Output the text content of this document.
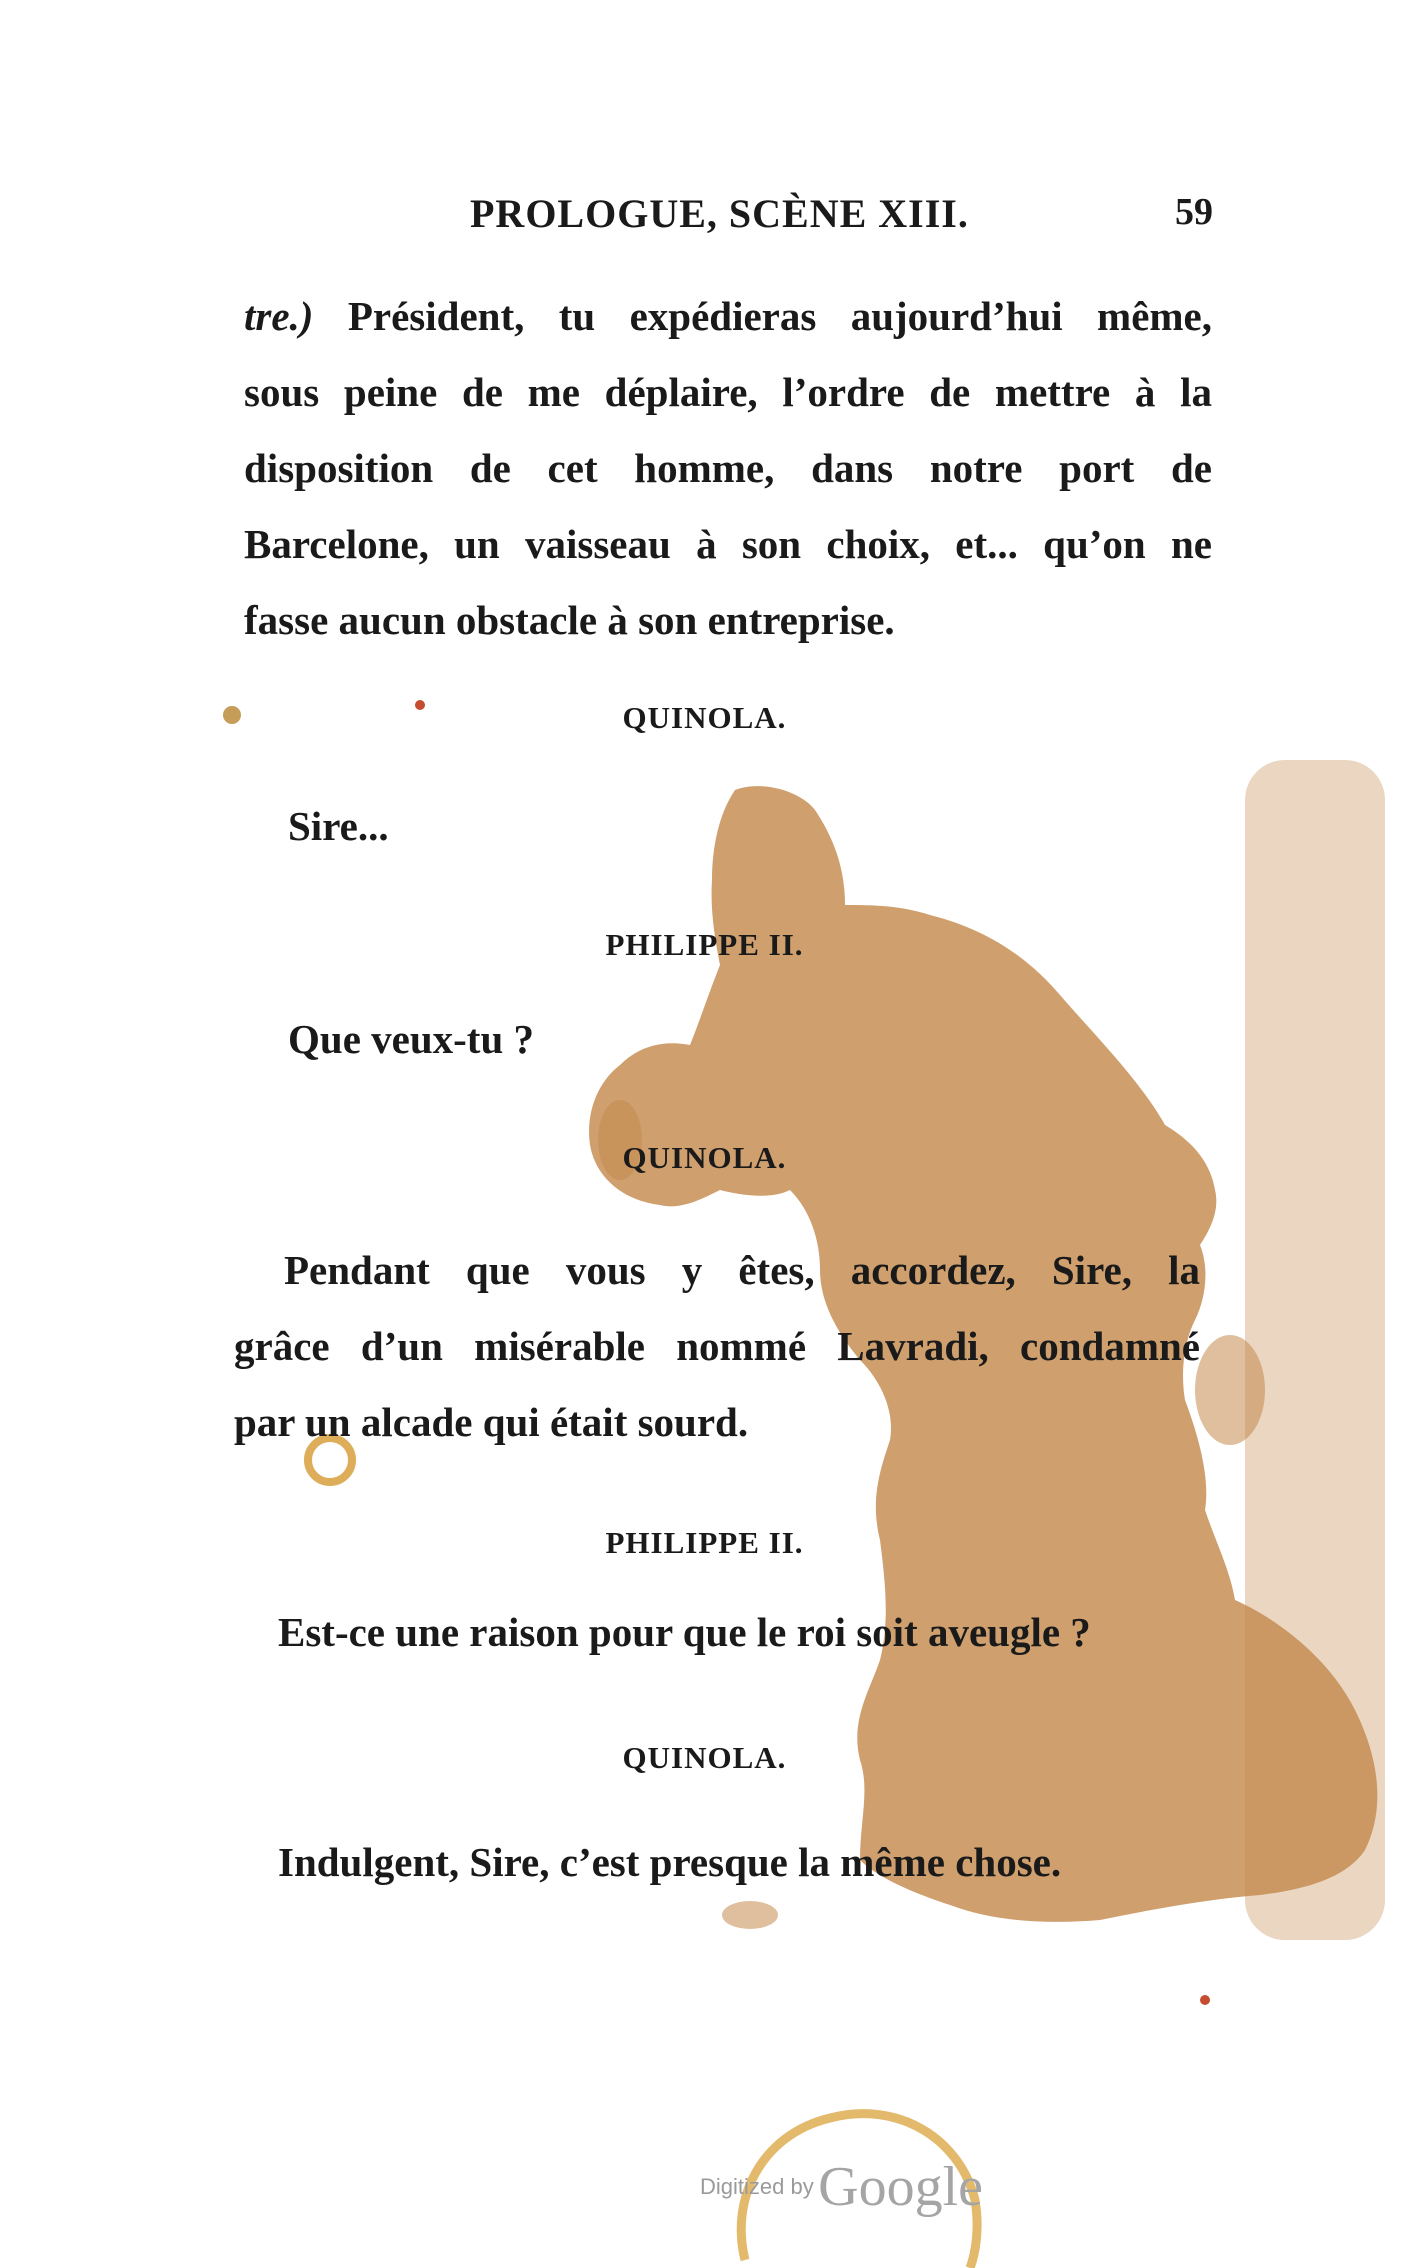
PROLOGUE, SCÈNE XIII.	59
tre.) Président, tu expédieras aujourd’hui même,
sous peine de me déplaire, l’ordre de mettre à la
disposition de cet homme, dans notre port de
Barcelone, un vaisseau à son choix, et... qu’on ne
fasse aucun obstacle à son entreprise.
QUINOLA.
Sire...
PHILIPPE II.
Que veux-tu ?
QUINOLA.
Pendant que vous y êtes, accordez, Sire, la
grâce d’un misérable nommé Lavradi, condamné
par un alcade qui était sourd.
PHILIPPE II.
Est-ce une raison pour que le roi soit aveugle ?
QUINOLA.
Indulgent, Sire, c’est presque la même chose.
Digitized by Google
